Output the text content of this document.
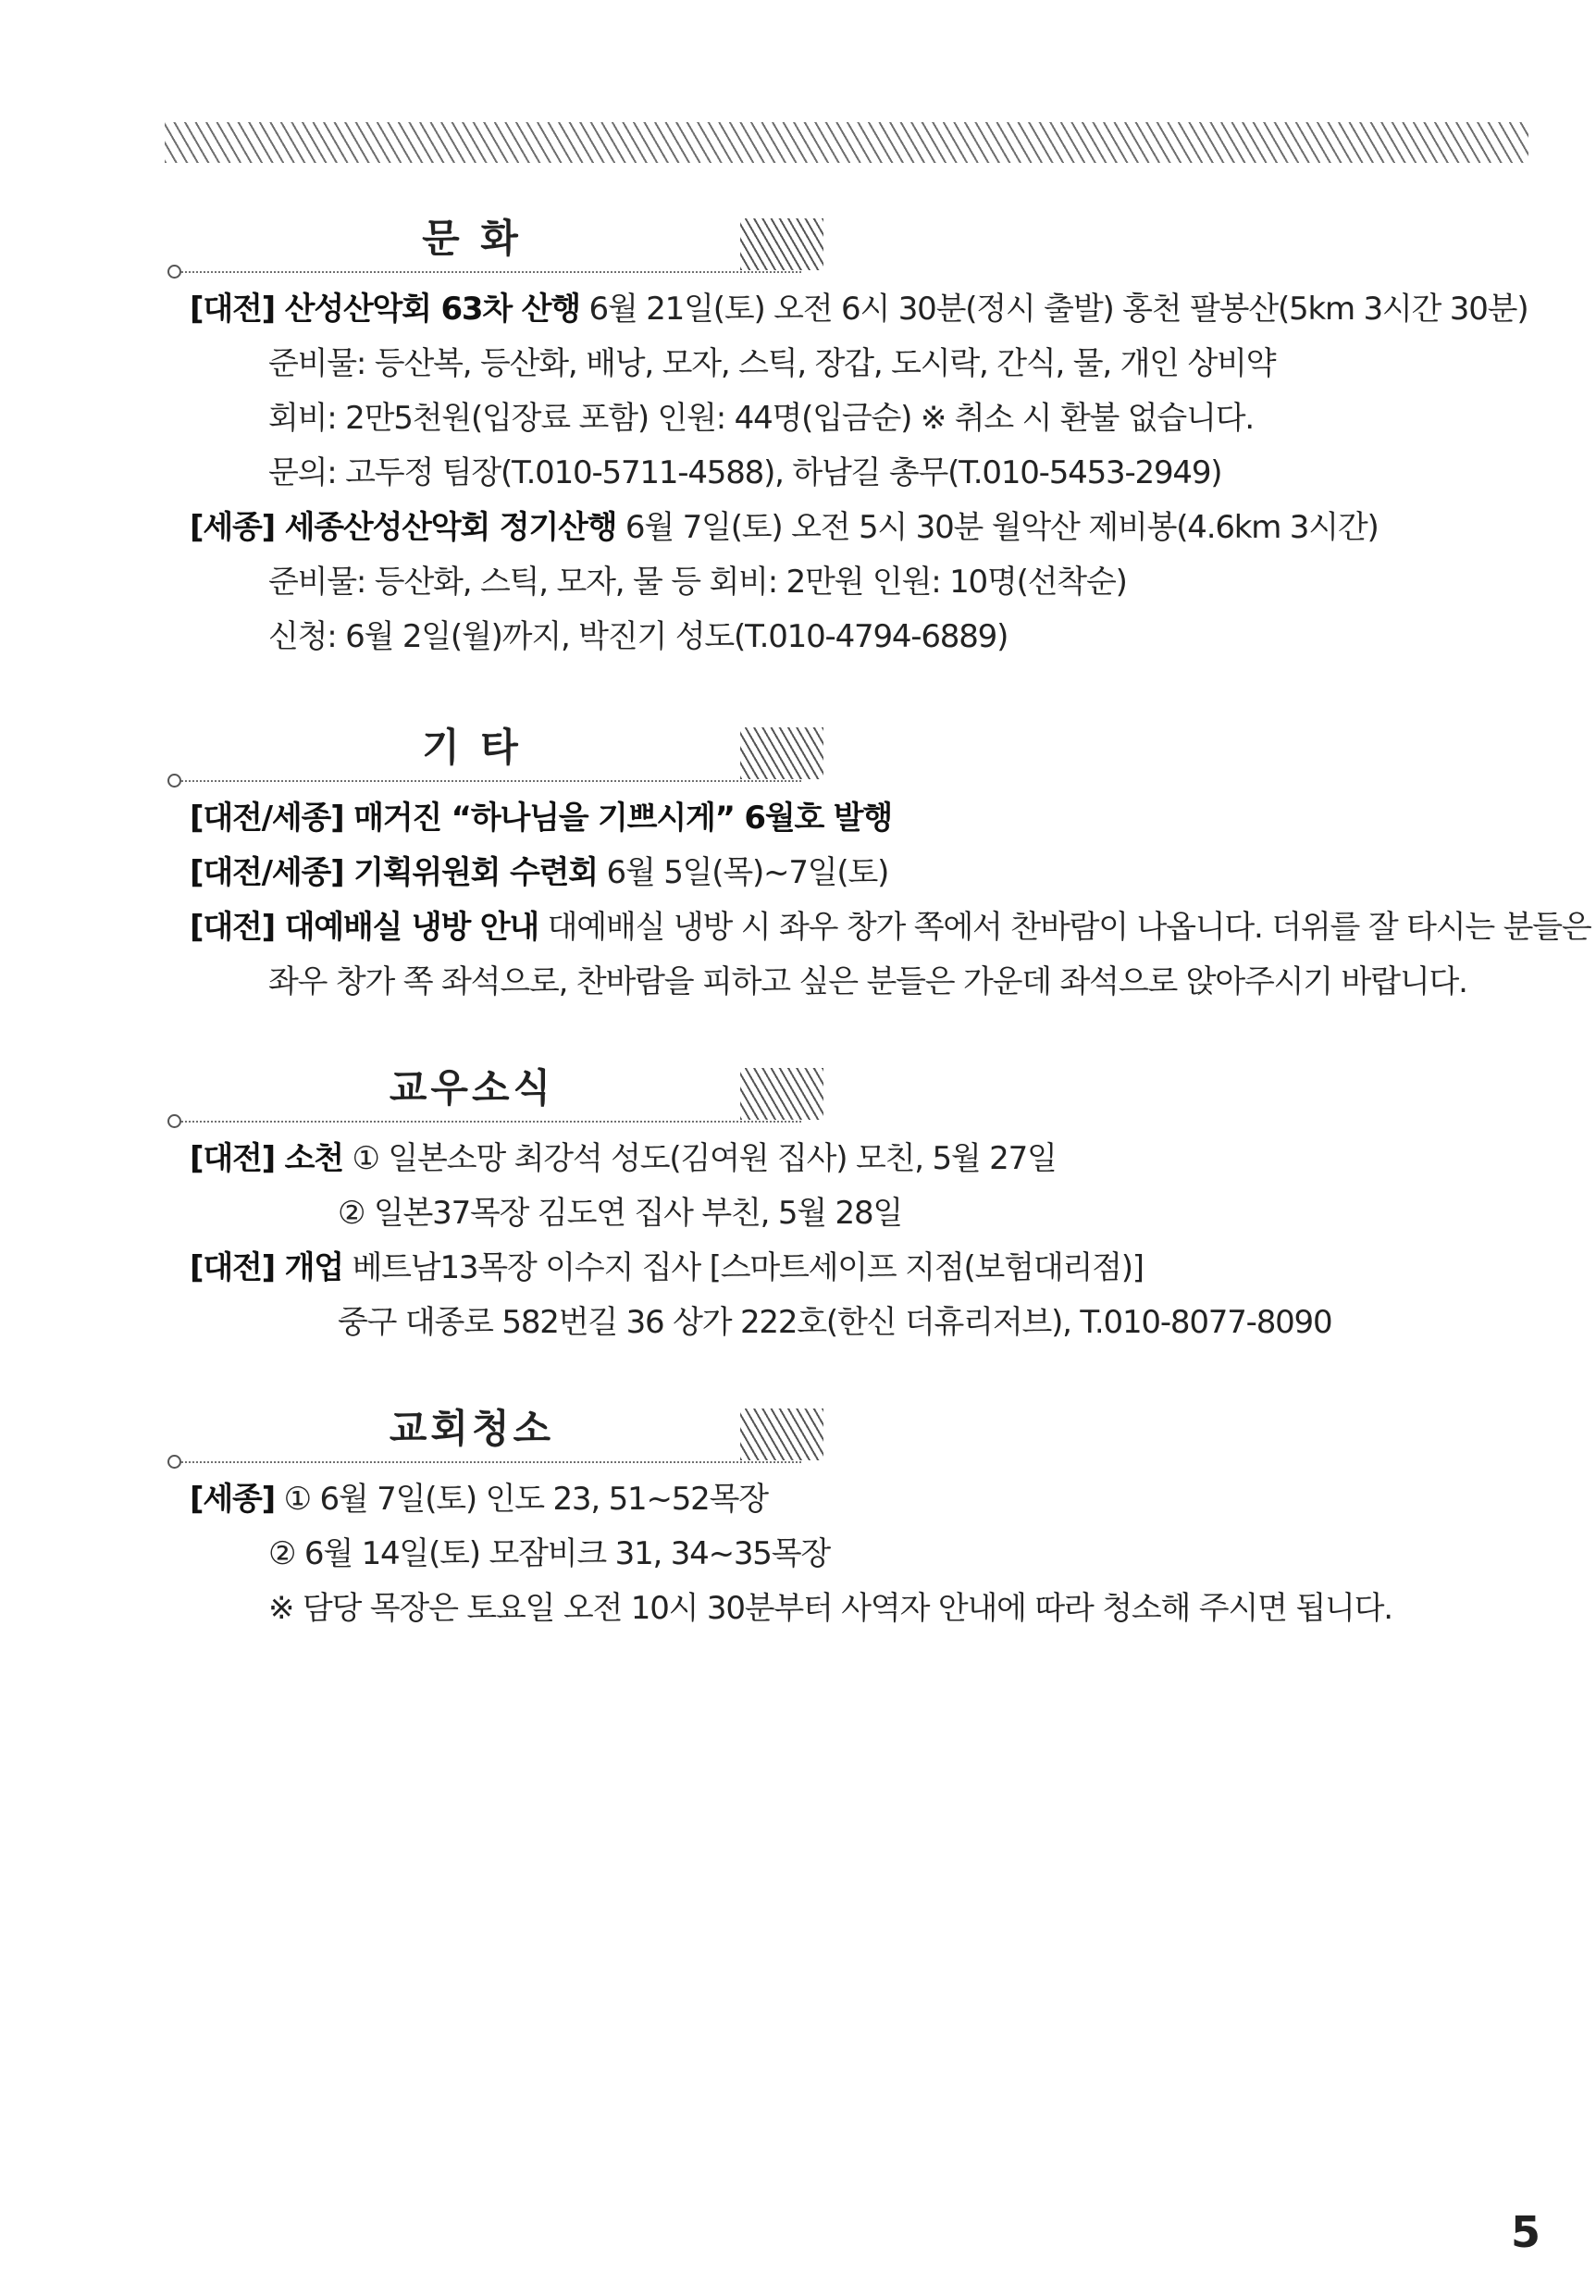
문 화
[대전] 산성산악회 63차 산행 6월 21일(토) 오전 6시 30분(정시 출발) 홍천 팔봉산(5km 3시간 30분)
준비물: 등산복, 등산화, 배낭, 모자, 스틱, 장갑, 도시락, 간식, 물, 개인 상비약
회비: 2만5천원(입장료 포함) 인원: 44명(입금순) ※ 취소 시 환불 없습니다.
문의: 고두정 팀장(T.010-5711-4588), 하남길 총무(T.010-5453-2949)
[세종] 세종산성산악회 정기산행 6월 7일(토) 오전 5시 30분 월악산 제비봉(4.6km 3시간)
준비물: 등산화, 스틱, 모자, 물 등 회비: 2만원 인원: 10명(선착순)
신청: 6월 2일(월)까지, 박진기 성도(T.010-4794-6889)
기 타
[대전/세종] 매거진 “하나님을 기쁘시게” 6월호 발행
[대전/세종] 기획위원회 수련회 6월 5일(목)~7일(토)
[대전] 대예배실 냉방 안내 대예배실 냉방 시 좌우 창가 쪽에서 찬바람이 나옵니다. 더위를 잘 타시는 분들은
좌우 창가 쪽 좌석으로, 찬바람을 피하고 싶은 분들은 가운데 좌석으로 앉아주시기 바랍니다.
교우소식
[대전] 소천 ① 일본소망 최강석 성도(김여원 집사) 모친, 5월 27일
② 일본37목장 김도연 집사 부친, 5월 28일
[대전] 개업 베트남13목장 이수지 집사 [스마트세이프 지점(보험대리점)]
중구 대종로 582번길 36 상가 222호(한신 더휴리저브), T.010-8077-8090
교회청소
[세종] ① 6월 7일(토) 인도 23, 51~52목장
② 6월 14일(토) 모잠비크 31, 34~35목장
※ 담당 목장은 토요일 오전 10시 30분부터 사역자 안내에 따라 청소해 주시면 됩니다.
5
